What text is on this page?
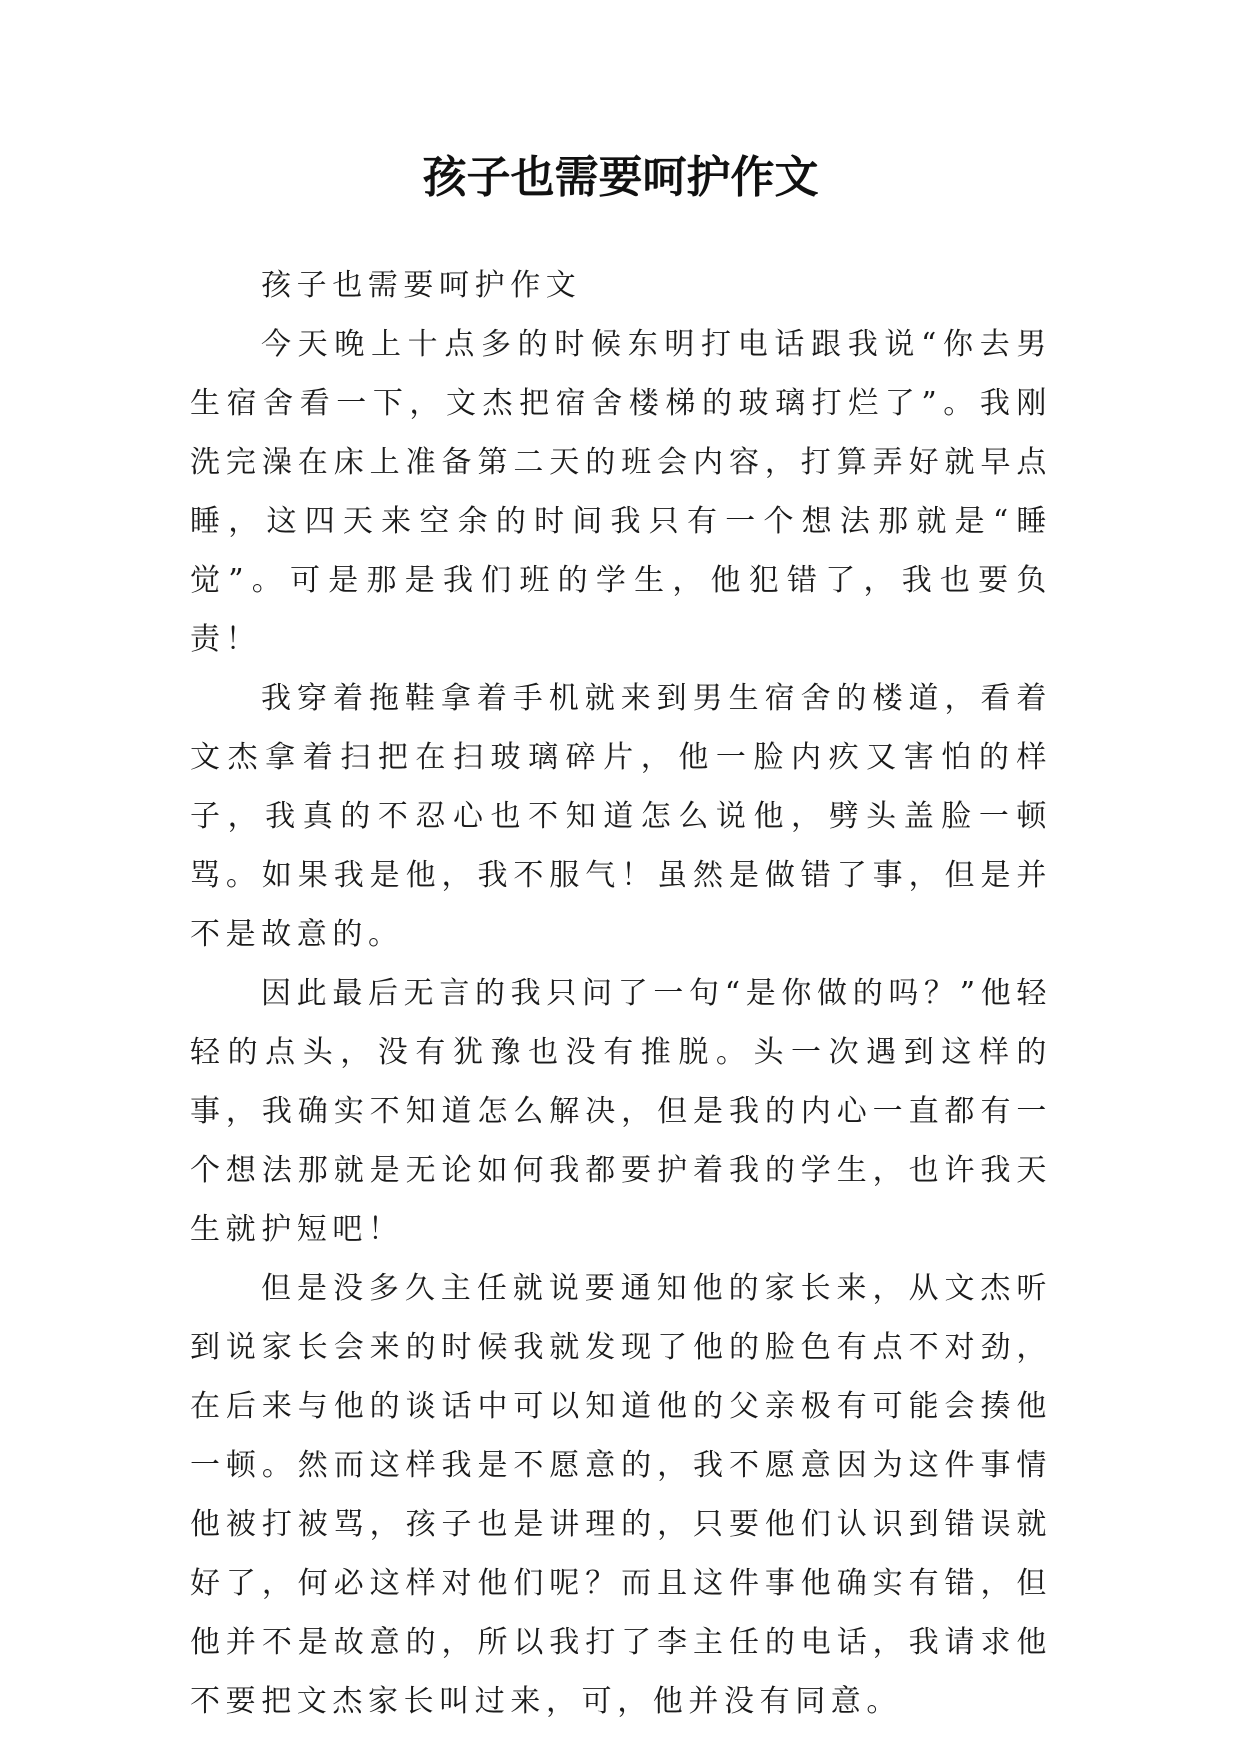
孩子也需要呵护作文

孩子也需要呵护作文

今天晚上十点多的时候东明打电话跟我说“你去男生宿舍看一下，文杰把宿舍楼梯的玻璃打烂了”。我刚洗完澡在床上准备第二天的班会内容，打算弄好就早点睡，这四天来空余的时间我只有一个想法那就是“睡觉”。可是那是我们班的学生，他犯错了，我也要负责！

我穿着拖鞋拿着手机就来到男生宿舍的楼道，看着文杰拿着扫把在扫玻璃碎片，他一脸内疚又害怕的样子，我真的不忍心也不知道怎么说他，劈头盖脸一顿骂。如果我是他，我不服气！虽然是做错了事，但是并不是故意的。

因此最后无言的我只问了一句“是你做的吗？”他轻轻的点头，没有犹豫也没有推脱。头一次遇到这样的事，我确实不知道怎么解决，但是我的内心一直都有一个想法那就是无论如何我都要护着我的学生，也许我天生就护短吧！

但是没多久主任就说要通知他的家长来，从文杰听到说家长会来的时候我就发现了他的脸色有点不对劲，在后来与他的谈话中可以知道他的父亲极有可能会揍他一顿。然而这样我是不愿意的，我不愿意因为这件事情他被打被骂，孩子也是讲理的，只要他们认识到错误就好了，何必这样对他们呢？而且这件事他确实有错，但他并不是故意的，所以我打了李主任的电话，我请求他不要把文杰家长叫过来，可，他并没有同意。
